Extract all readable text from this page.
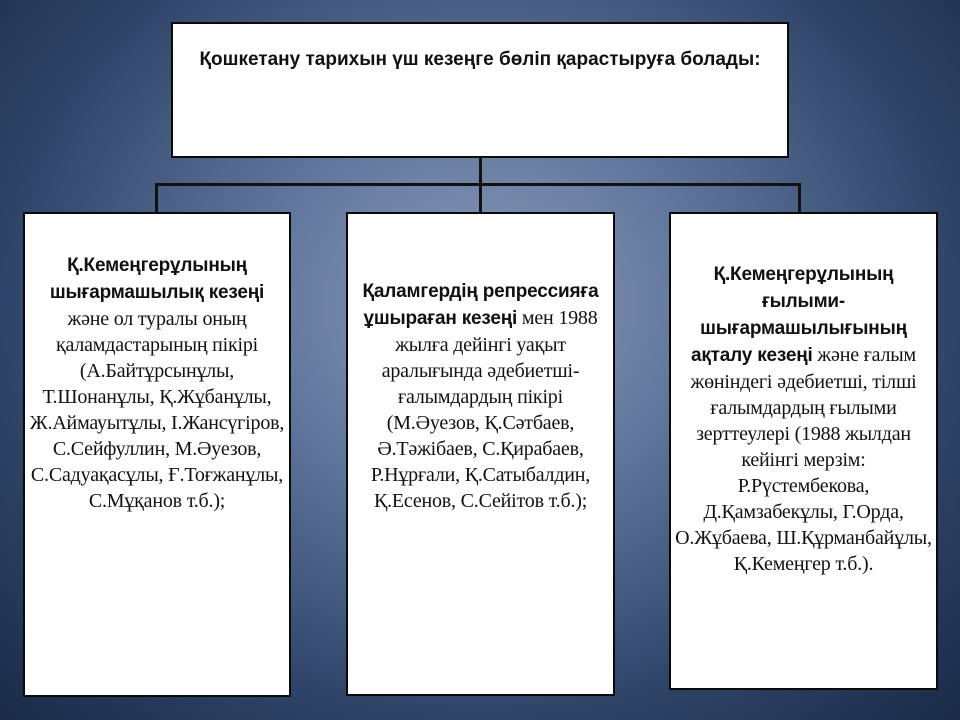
Қошкетану тарихын үш кезеңге бөліп қарастыруға болады:
Қ.Кемеңгерұлының шығармашылық кезеңі және ол туралы оның қаламдастарының пікірі (А.Байтұрсынұлы, Т.Шонанұлы, Қ.Жұбанұлы, Ж.Аймауытұлы, І.Жансүгіров, С.Сейфуллин, М.Әуезов, С.Садуақасұлы, Ғ.Тоғжанұлы, С.Мұқанов т.б.);
Қаламгердің репрессияға ұшыраған кезеңі мен 1988 жылға дейінгі уақыт аралығында әдебиетші-ғалымдардың пікірі (М.Әуезов, Қ.Сәтбаев, Ә.Тәжібаев, С.Қирабаев, Р.Нұрғали, Қ.Сатыбалдин, Қ.Есенов, С.Сейітов т.б.);
Қ.Кемеңгерұлының ғылыми-шығармашылығының ақталу кезеңі және ғалым жөніндегі әдебиетші, тілші ғалымдардың ғылыми зерттеулері (1988 жылдан кейінгі мерзім: Р.Рүстембекова, Д.Қамзабекұлы, Г.Орда, О.Жұбаева, Ш.Құрманбайұлы, Қ.Кемеңгер т.б.).
